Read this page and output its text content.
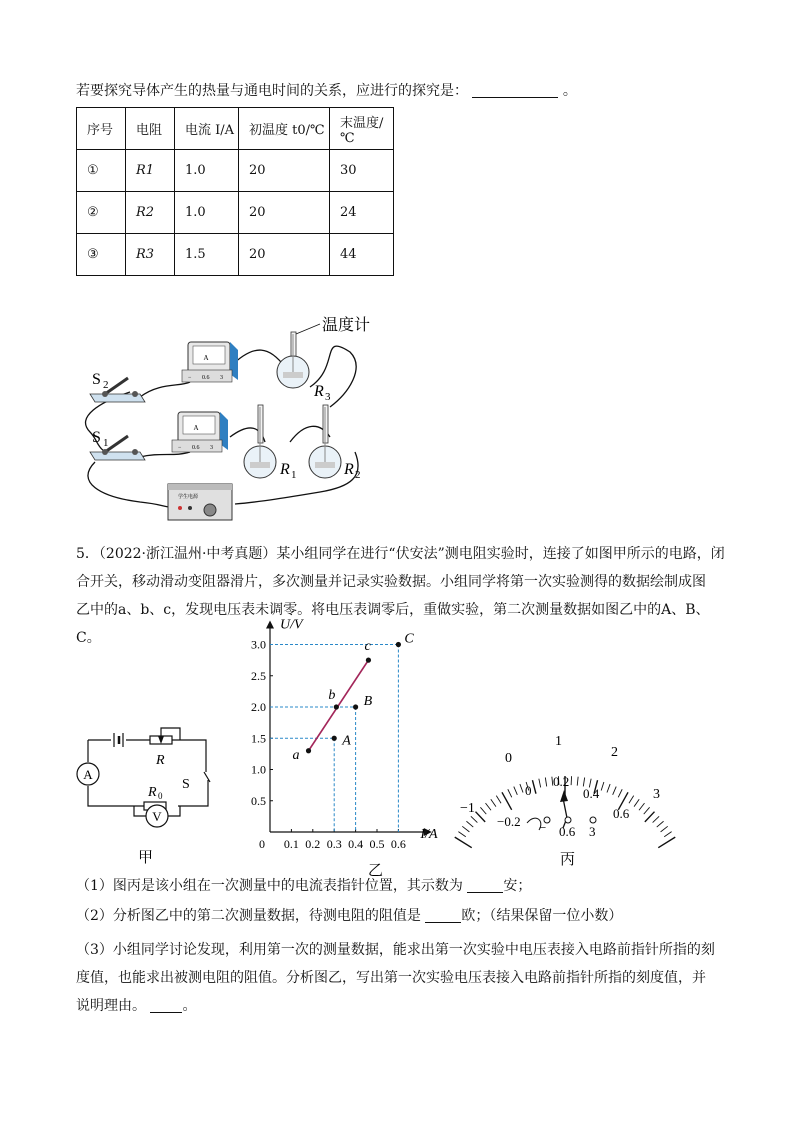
若要探究导体产生的热量与通电时间的关系，应进行的探究是：	。
序号	电阻	电流 I/A	初温度 t0/℃	末温度/℃
①	R1	1.0	20	30
②	R2	1.0	20	24
③	R3	1.5	20	44
S 2
S 1
A
− 0.6 3
A
− 0.6 3
温度计
R 3
R 1	R 2
学生电源
5．（2022·浙江温州·中考真题）某小组同学在进行“伏安法”测电阻实验时，连接了如图甲所示的电路，闭
合开关，移动滑动变阻器滑片，多次测量并记录实验数据。小组同学将第一次实验测得的数据绘制成图
乙中的a、b、c，发现电压表未调零。将电压表调零后，重做实验，第二次测量数据如图乙中的A、B、
C。
R
S
A
R 0
V
甲
U/V
I/A
0 0.1 0.2 0.3 0.4 0.5 0.6
0.5
1.0
1.5
2.0
2.5
3.0
a
b
c
A
B
C
乙
−1
0
1
2
3
0
0.2
0.4
0.6
−0.2 − 0.6 3
丙
（1）图丙是该小组在一次测量中的电流表指针位置，其示数为	安；
（2）分析图乙中的第二次测量数据，待测电阻的阻值是	欧；（结果保留一位小数）
（3）小组同学讨论发现，利用第一次的测量数据，能求出第一次实验中电压表接入电路前指针所指的刻
度值，也能求出被测电阻的阻值。分析图乙，写出第一次实验电压表接入电路前指针所指的刻度值，并
说明理由。	。
